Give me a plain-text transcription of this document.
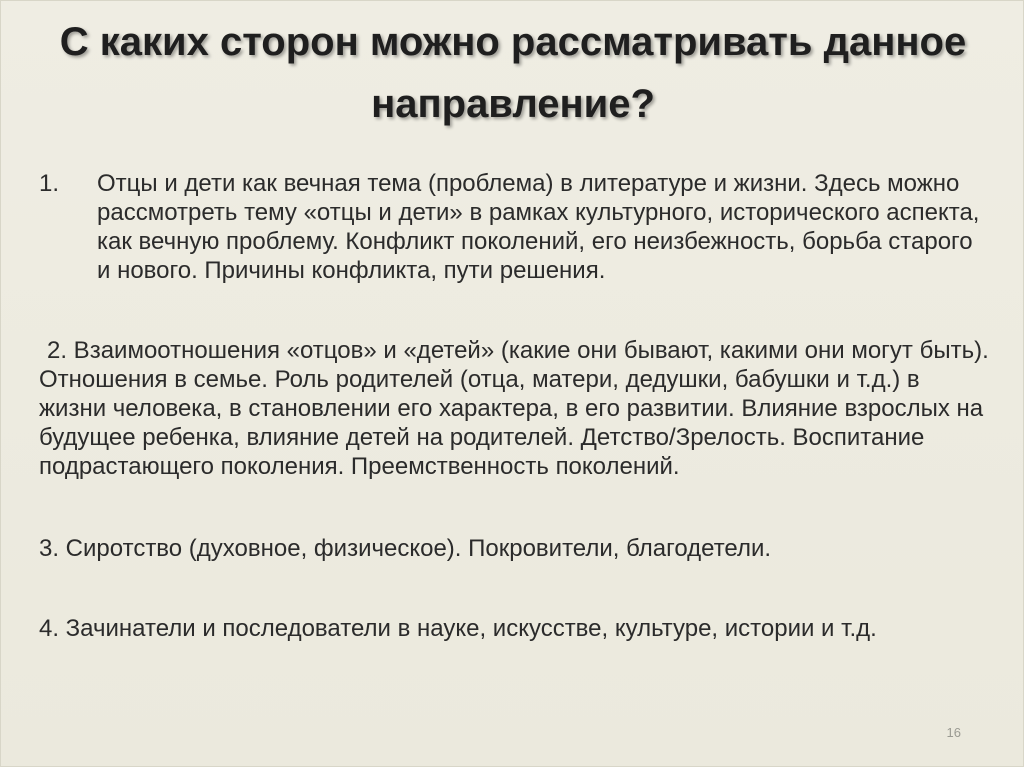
С каких сторон можно рассматривать данное направление?

1. Отцы и дети как вечная тема (проблема) в литературе и жизни. Здесь можно рассмотреть тему «отцы и дети» в рамках культурного, исторического аспекта, как вечную проблему. Конфликт поколений, его неизбежность, борьба старого и нового. Причины конфликта, пути решения.

2. Взаимоотношения «отцов» и «детей» (какие они бывают, какими они могут быть). Отношения в семье. Роль родителей (отца, матери, дедушки, бабушки и т.д.) в жизни человека, в становлении его характера, в его развитии. Влияние взрослых на будущее ребенка, влияние детей на родителей. Детство/Зрелость. Воспитание подрастающего поколения. Преемственность поколений.

3. Сиротство (духовное, физическое). Покровители, благодетели.

4. Зачинатели и последователи в науке, искусстве, культуре, истории и т.д.

16
